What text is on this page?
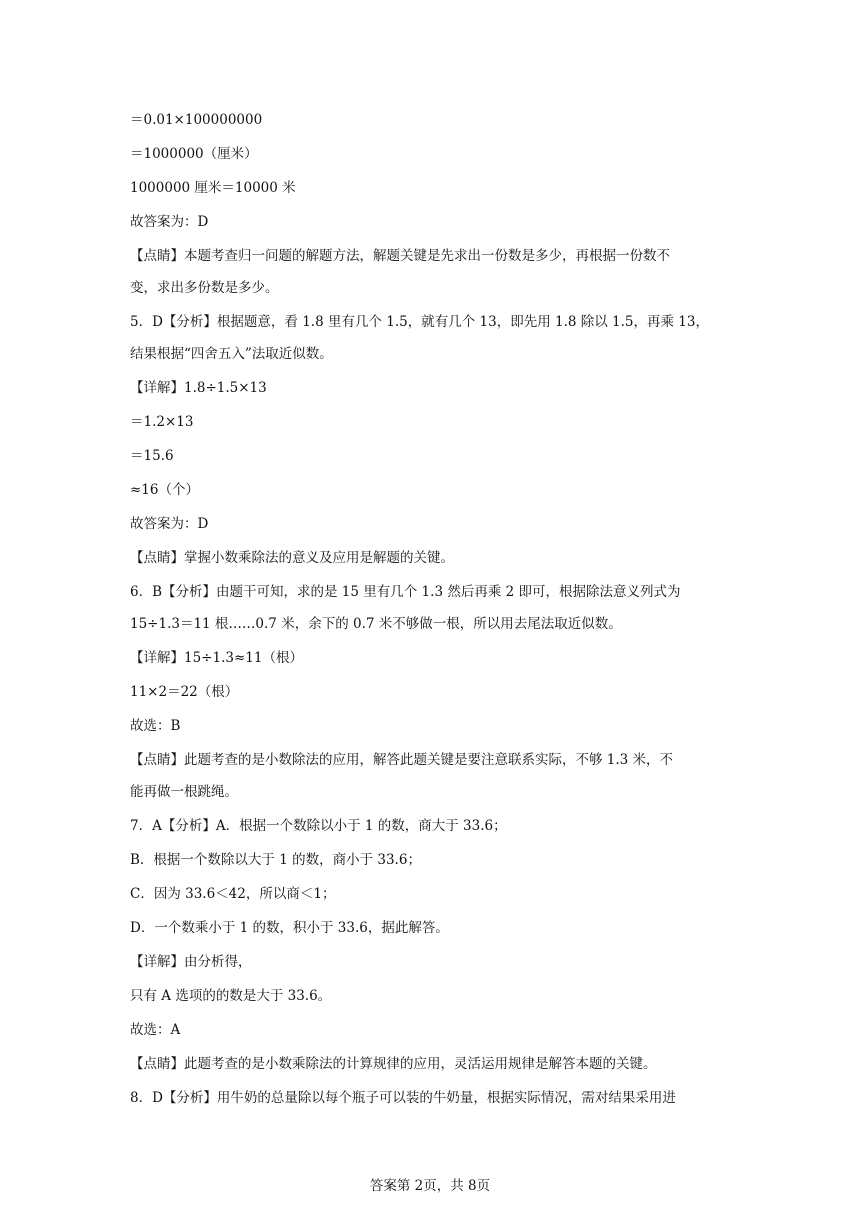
＝0.01×100000000
＝1000000（厘米）
1000000 厘米＝10000 米
故答案为：D
【点睛】本题考查归一问题的解题方法，解题关键是先求出一份数是多少，再根据一份数不
变，求出多份数是多少。
5．D【分析】根据题意，看 1.8 里有几个 1.5，就有几个 13，即先用 1.8 除以 1.5，再乘 13，
结果根据“四舍五入”法取近似数。
【详解】1.8÷1.5×13
＝1.2×13
＝15.6
≈16（个）
故答案为：D
【点睛】掌握小数乘除法的意义及应用是解题的关键。
6．B【分析】由题干可知，求的是 15 里有几个 1.3 然后再乘 2 即可，根据除法意义列式为
15÷1.3＝11 根……0.7 米，余下的 0.7 米不够做一根，所以用去尾法取近似数。
【详解】15÷1.3≈11（根）
11×2＝22（根）
故选：B
【点睛】此题考查的是小数除法的应用，解答此题关键是要注意联系实际，不够 1.3 米，不
能再做一根跳绳。
7．A【分析】A．根据一个数除以小于 1 的数，商大于 33.6；
B．根据一个数除以大于 1 的数，商小于 33.6；
C．因为 33.6＜42，所以商＜1；
D．一个数乘小于 1 的数，积小于 33.6，据此解答。
【详解】由分析得，
只有 A 选项的的数是大于 33.6。
故选：A
【点睛】此题考查的是小数乘除法的计算规律的应用，灵活运用规律是解答本题的关键。
8．D【分析】用牛奶的总量除以每个瓶子可以装的牛奶量，根据实际情况，需对结果采用进
答案第 2页，共 8页
